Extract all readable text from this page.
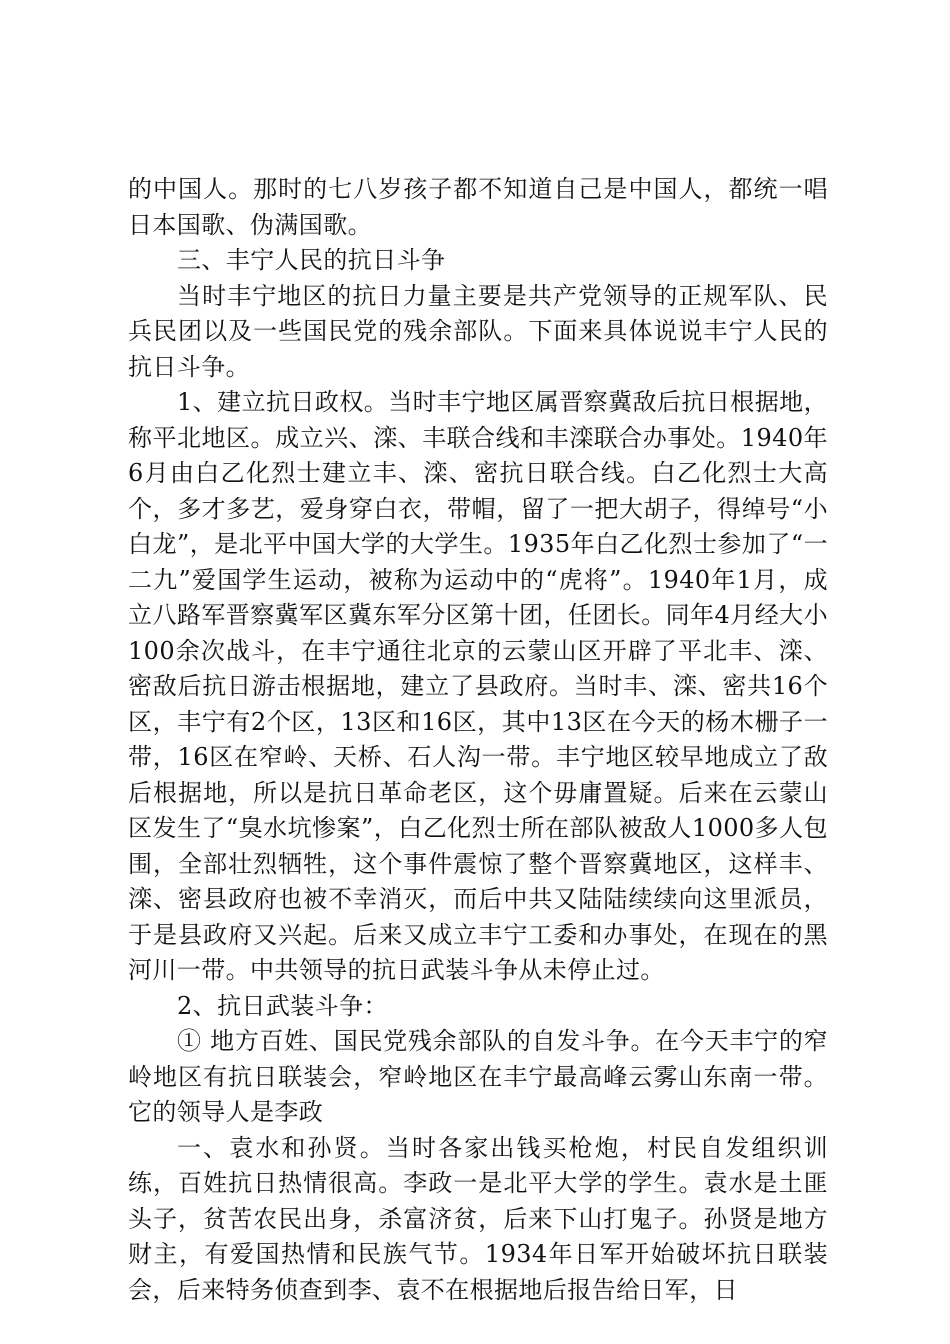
的中国人。那时的七八岁孩子都不知道自己是中国人，都统一唱日本国歌、伪满国歌。

三、丰宁人民的抗日斗争

当时丰宁地区的抗日力量主要是共产党领导的正规军队、民兵民团以及一些国民党的残余部队。下面来具体说说丰宁人民的抗日斗争。

1、建立抗日政权。当时丰宁地区属晋察冀敌后抗日根据地，称平北地区。成立兴、滦、丰联合线和丰滦联合办事处。1940年6月由白乙化烈士建立丰、滦、密抗日联合线。白乙化烈士大高个，多才多艺，爱身穿白衣，带帽，留了一把大胡子，得绰号“小白龙”，是北平中国大学的大学生。1935年白乙化烈士参加了“一二九”爱国学生运动，被称为运动中的“虎将”。1940年1月，成立八路军晋察冀军区冀东军分区第十团，任团长。同年4月经大小100余次战斗，在丰宁通往北京的云蒙山区开辟了平北丰、滦、密敌后抗日游击根据地，建立了县政府。当时丰、滦、密共16个区，丰宁有2个区，13区和16区，其中13区在今天的杨木栅子一带，16区在窄岭、天桥、石人沟一带。丰宁地区较早地成立了敌后根据地，所以是抗日革命老区，这个毋庸置疑。后来在云蒙山区发生了“臭水坑惨案”，白乙化烈士所在部队被敌人1000多人包围，全部壮烈牺牲，这个事件震惊了整个晋察冀地区，这样丰、滦、密县政府也被不幸消灭，而后中共又陆陆续续向这里派员，于是县政府又兴起。后来又成立丰宁工委和办事处，在现在的黑河川一带。中共领导的抗日武装斗争从未停止过。

2、抗日武装斗争：

① 地方百姓、国民党残余部队的自发斗争。在今天丰宁的窄岭地区有抗日联装会，窄岭地区在丰宁最高峰云雾山东南一带。它的领导人是李政

一、袁水和孙贤。当时各家出钱买枪炮，村民自发组织训练，百姓抗日热情很高。李政一是北平大学的学生。袁水是土匪头子，贫苦农民出身，杀富济贫，后来下山打鬼子。孙贤是地方财主，有爱国热情和民族气节。1934年日军开始破坏抗日联装会，后来特务侦查到李、袁不在根据地后报告给日军，日
